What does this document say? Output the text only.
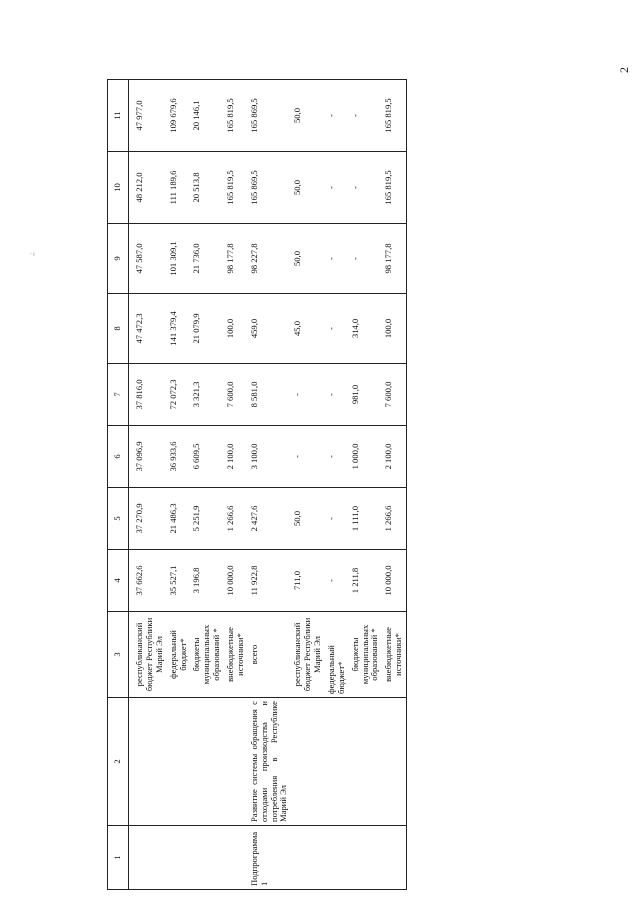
2
,;
1	2	3	4	5	6	7	8	9	10	11
		республиканский бюджет Республики Марий Эл	37 662,6	37 270,9	37 096,9	37 816,0	47 472,3	47 587,0	48 212,0	47 977,0
		федеральный бюджет*	35 527,1	21 486,3	36 933,6	72 072,3	141 379,4	101 309,1	111 189,6	109 679,6
		бюджеты муниципальных образований *	3 196,8	5 251,9	6 609,5	3 321,3	21 079,9	21 736,0	20 513,8	20 146,1
		внебюджетные источники*	10 000,0	1 266,6	2 100,0	7 600,0	100,0	98 177,8	165 819,5	165 819,5
Подпрограмма 1	Развитие системы обращения с отходами производства и потребления в Республике Марий Эл	всего	11 922,8	2 427,6	3 100,0	8 581,0	459,0	98 227,8	165 869,5	165 869,5
		республиканский бюджет Республики Марий Эл	711,0	50,0	-	-	45,0	50,0	50,0	50,0
		федеральный бюджет*	-	-	-	-	-	-	-	-
		бюджеты муниципальных образований *	1 211,8	1 111,0	1 000,0	981,0	314,0	-	-	-
		внебюджетные источники*	10 000,0	1 266,6	2 100,0	7 600,0	100,0	98 177,8	165 819,5	165 819,5
